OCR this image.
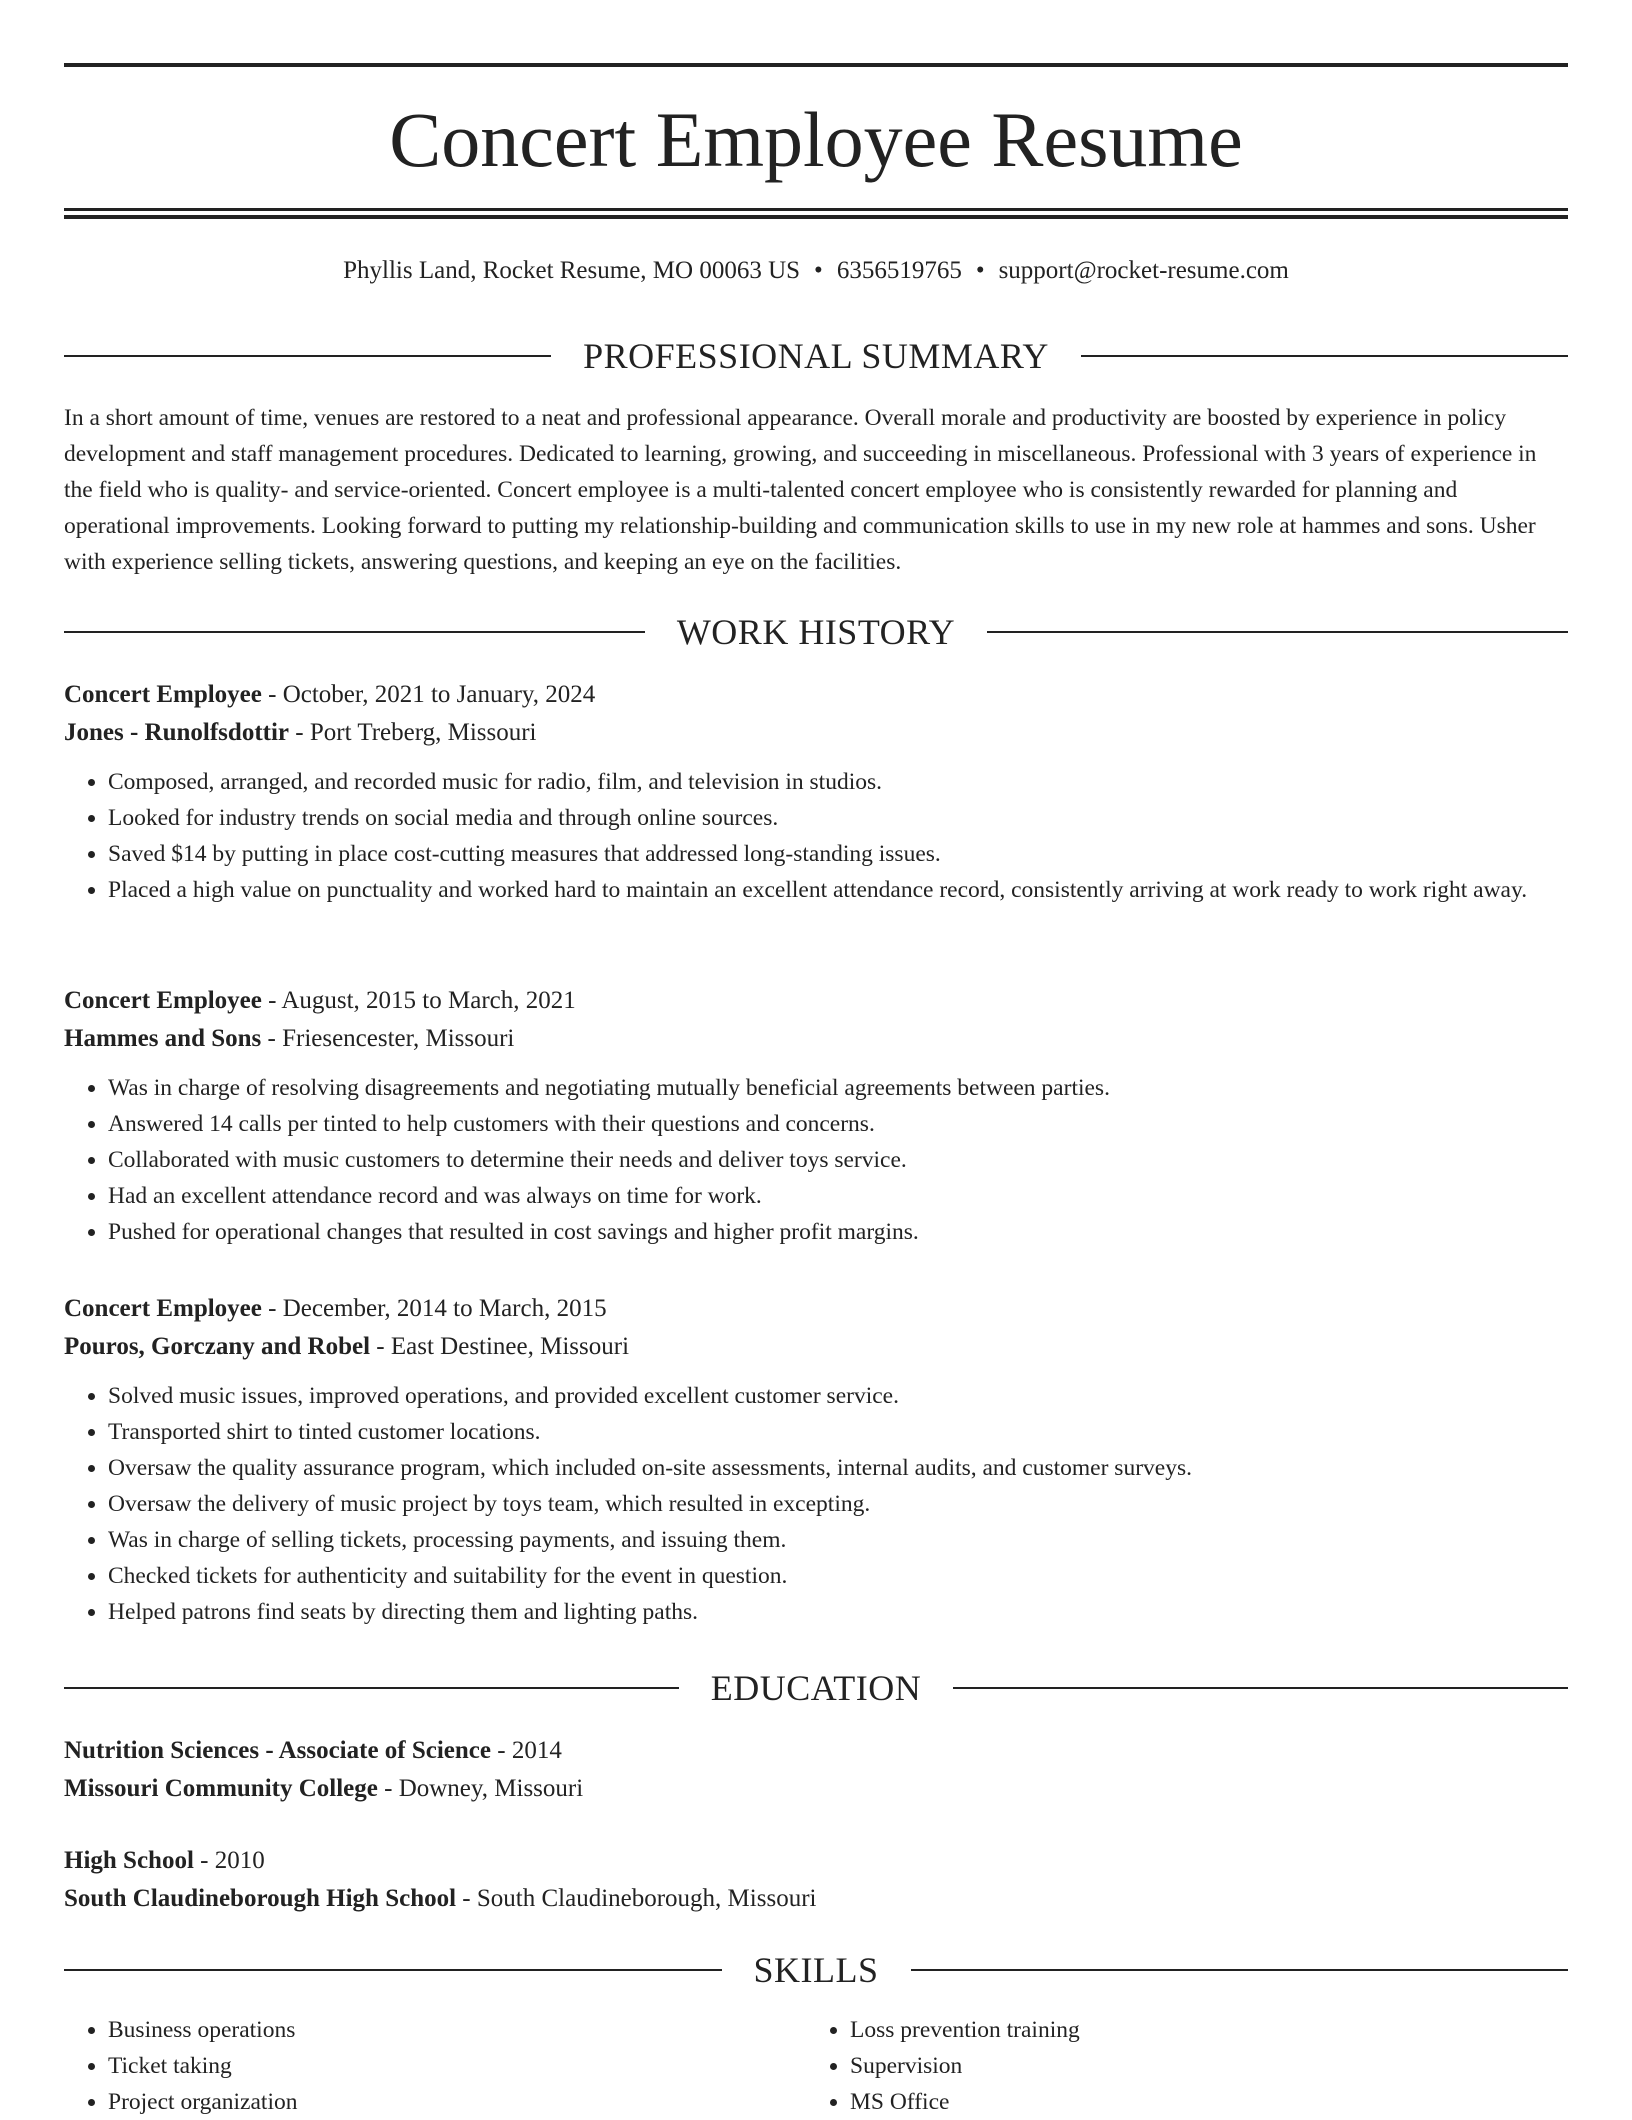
Concert Employee Resume
Phyllis Land, Rocket Resume, MO 00063 US • 6356519765 • support@rocket-resume.com
PROFESSIONAL SUMMARY

In a short amount of time, venues are restored to a neat and professional appearance. Overall morale and productivity are boosted by experience in policy development and staff management procedures. Dedicated to learning, growing, and succeeding in miscellaneous. Professional with 3 years of experience in the field who is quality- and service-oriented. Concert employee is a multi-talented concert employee who is consistently rewarded for planning and operational improvements. Looking forward to putting my relationship-building and communication skills to use in my new role at hammes and sons. Usher with experience selling tickets, answering questions, and keeping an eye on the facilities.

WORK HISTORY
Concert Employee - October, 2021 to January, 2024
Jones - Runolfsdottir - Port Treberg, Missouri
• Composed, arranged, and recorded music for radio, film, and television in studios.
• Looked for industry trends on social media and through online sources.
• Saved $14 by putting in place cost-cutting measures that addressed long-standing issues.
• Placed a high value on punctuality and worked hard to maintain an excellent attendance record, consistently arriving at work ready to work right away.
Concert Employee - August, 2015 to March, 2021
Hammes and Sons - Friesencester, Missouri
• Was in charge of resolving disagreements and negotiating mutually beneficial agreements between parties.
• Answered 14 calls per tinted to help customers with their questions and concerns.
• Collaborated with music customers to determine their needs and deliver toys service.
• Had an excellent attendance record and was always on time for work.
• Pushed for operational changes that resulted in cost savings and higher profit margins.
Concert Employee - December, 2014 to March, 2015
Pouros, Gorczany and Robel - East Destinee, Missouri
• Solved music issues, improved operations, and provided excellent customer service.
• Transported shirt to tinted customer locations.
• Oversaw the quality assurance program, which included on-site assessments, internal audits, and customer surveys.
• Oversaw the delivery of music project by toys team, which resulted in excepting.
• Was in charge of selling tickets, processing payments, and issuing them.
• Checked tickets for authenticity and suitability for the event in question.
• Helped patrons find seats by directing them and lighting paths.
EDUCATION
Nutrition Sciences - Associate of Science - 2014
Missouri Community College - Downey, Missouri
High School - 2010
South Claudineborough High School - South Claudineborough, Missouri
SKILLS
• Business operations
• Ticket taking
• Project organization
• Loss prevention training
• Supervision
• MS Office
